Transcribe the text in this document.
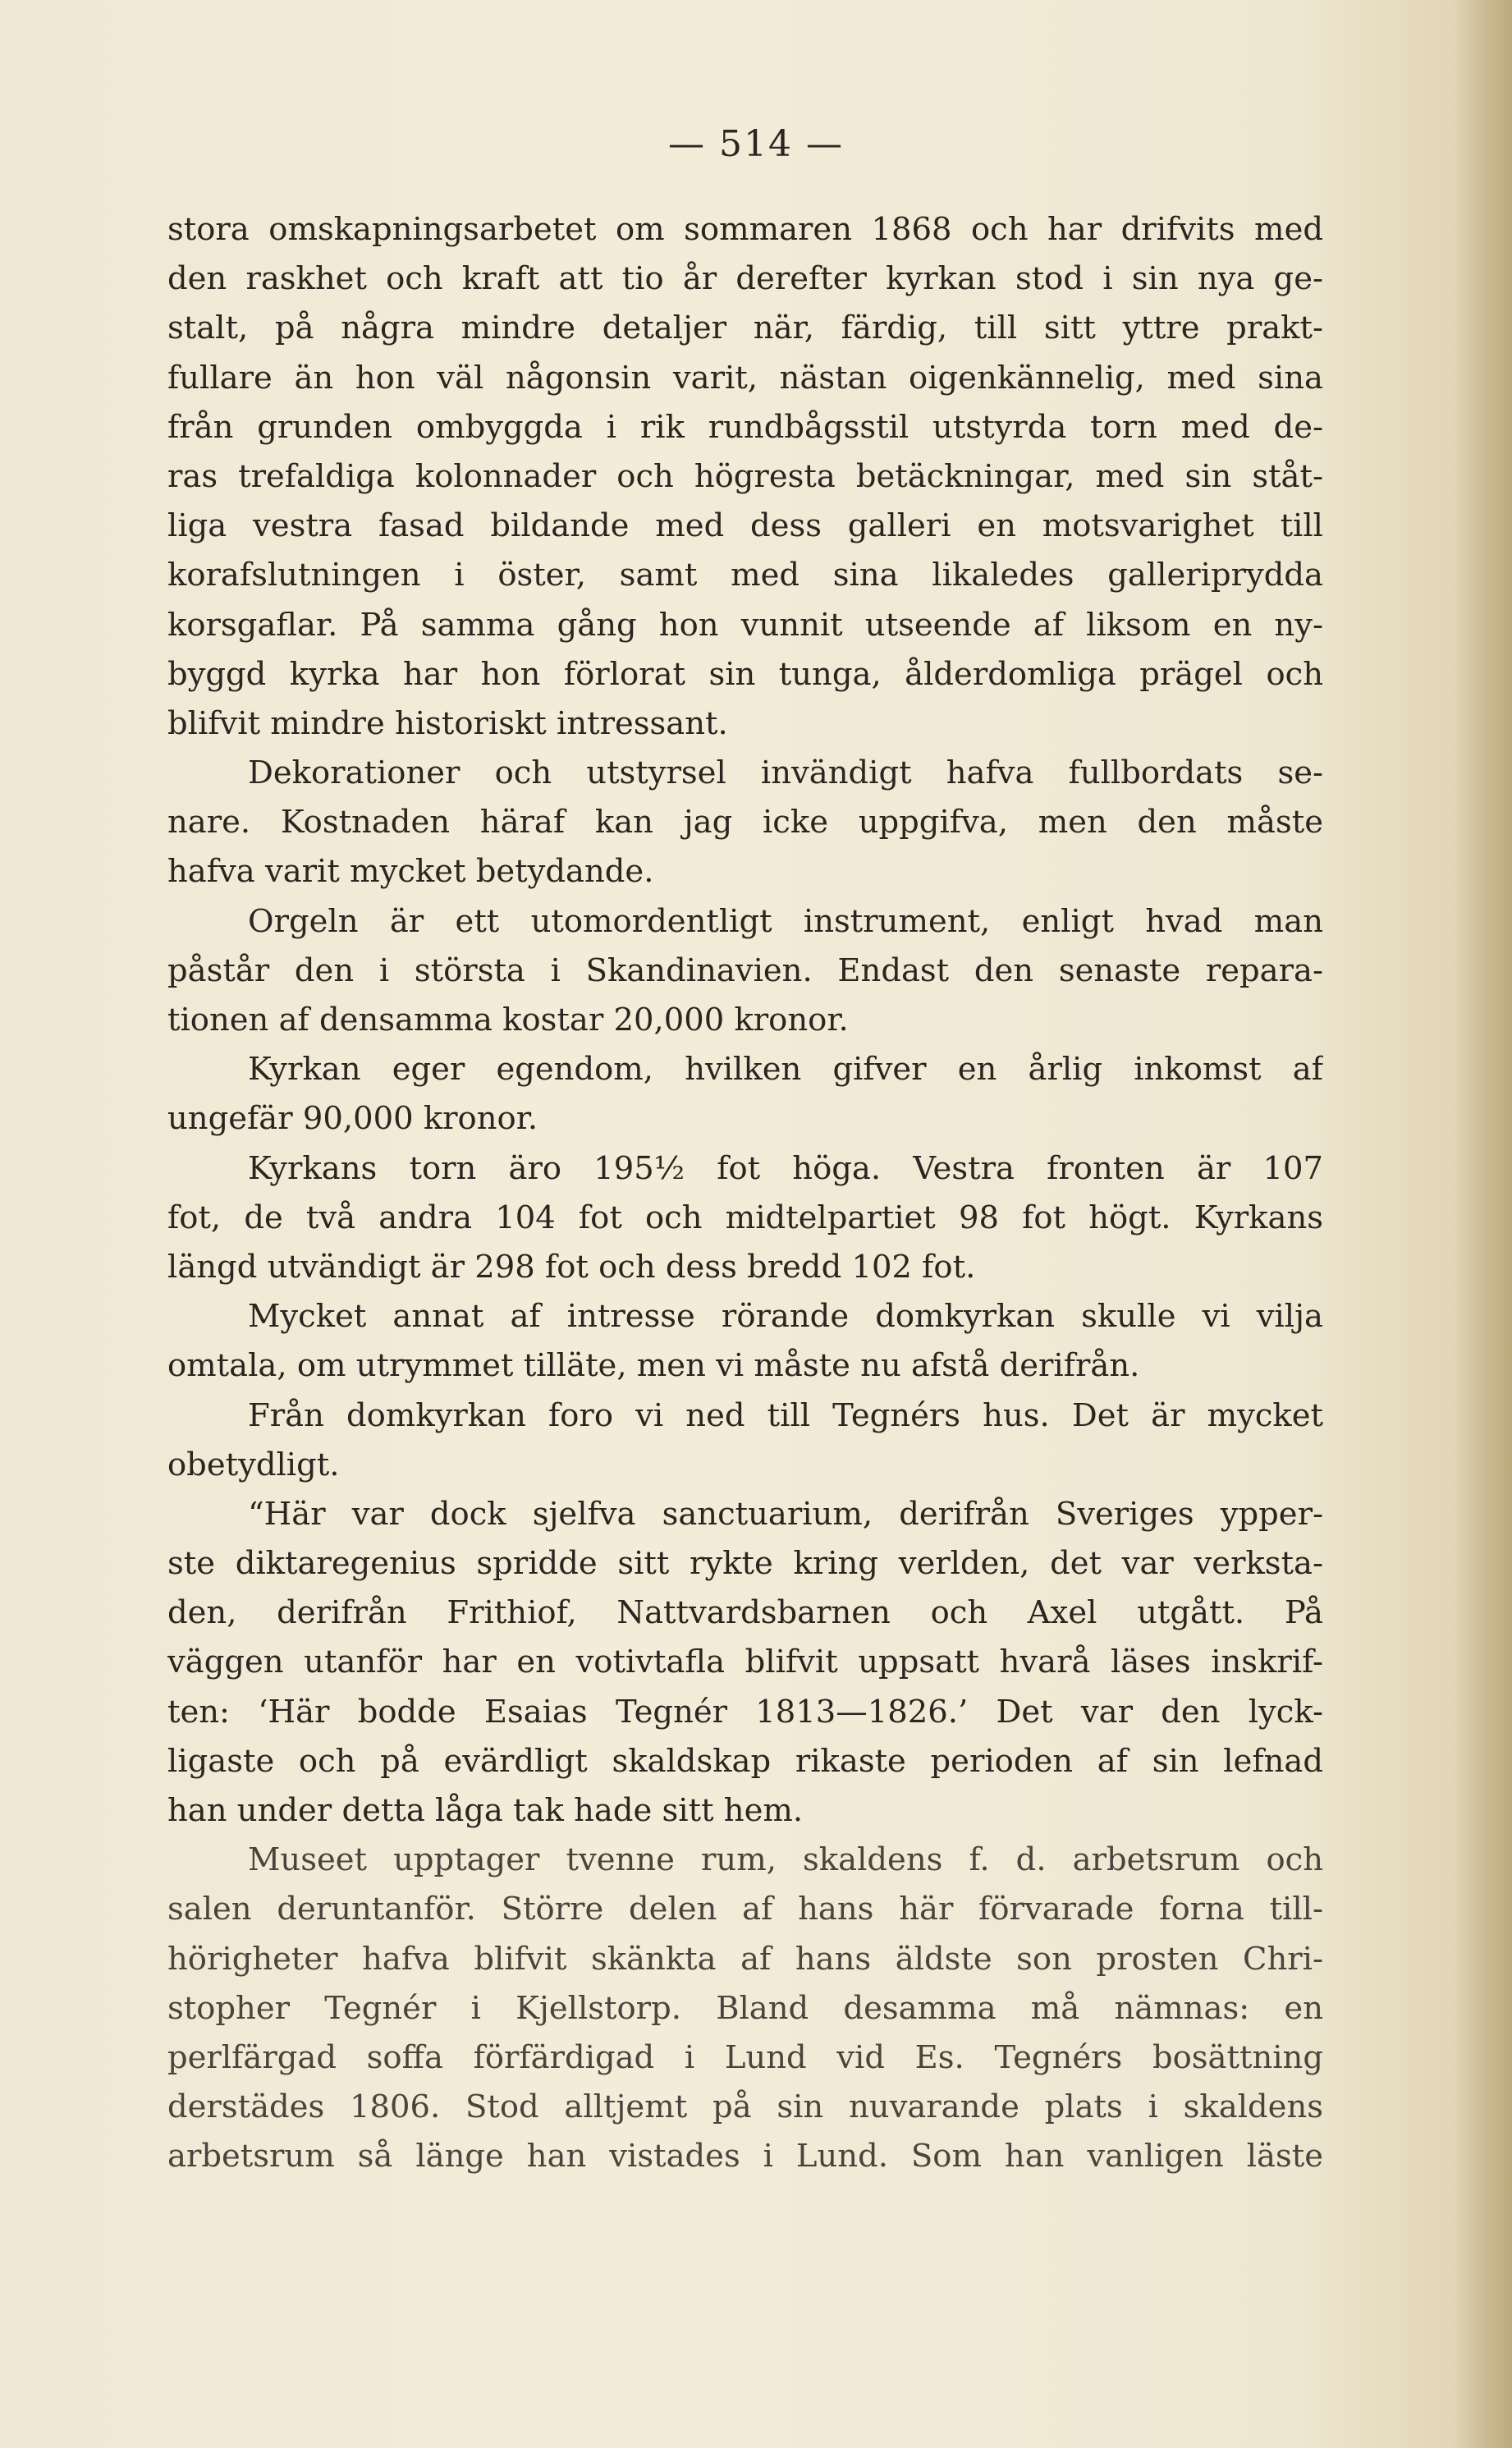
— 514 —
stora omskapningsarbetet om sommaren 1868 och har drifvits med
den raskhet och kraft att tio år derefter kyrkan stod i sin nya ge-
stalt, på några mindre detaljer när, färdig, till sitt yttre prakt-
fullare än hon väl någonsin varit, nästan oigenkännelig, med sina
från grunden ombyggda i rik rundbågsstil utstyrda torn med de-
ras trefaldiga kolonnader och högresta betäckningar, med sin ståt-
liga vestra fasad bildande med dess galleri en motsvarighet till
korafslutningen i öster, samt med sina likaledes galleriprydda
korsgaflar. På samma gång hon vunnit utseende af liksom en ny-
byggd kyrka har hon förlorat sin tunga, ålderdomliga prägel och
blifvit mindre historiskt intressant.
Dekorationer och utstyrsel invändigt hafva fullbordats se-
nare. Kostnaden häraf kan jag icke uppgifva, men den måste
hafva varit mycket betydande.
Orgeln är ett utomordentligt instrument, enligt hvad man
påstår den i största i Skandinavien. Endast den senaste repara-
tionen af densamma kostar 20,000 kronor.
Kyrkan eger egendom, hvilken gifver en årlig inkomst af
ungefär 90,000 kronor.
Kyrkans torn äro 195½ fot höga. Vestra fronten är 107
fot, de två andra 104 fot och midtelpartiet 98 fot högt. Kyrkans
längd utvändigt är 298 fot och dess bredd 102 fot.
Mycket annat af intresse rörande domkyrkan skulle vi vilja
omtala, om utrymmet tilläte, men vi måste nu afstå derifrån.
Från domkyrkan foro vi ned till Tegnérs hus. Det är mycket
obetydligt.
“Här var dock sjelfva sanctuarium, derifrån Sveriges ypper-
ste diktaregenius spridde sitt rykte kring verlden, det var verksta-
den, derifrån Frithiof, Nattvardsbarnen och Axel utgått. På
väggen utanför har en votivtafla blifvit uppsatt hvarå läses inskrif-
ten: ‘Här bodde Esaias Tegnér 1813—1826.’ Det var den lyck-
ligaste och på evärdligt skaldskap rikaste perioden af sin lefnad
han under detta låga tak hade sitt hem.
Museet upptager tvenne rum, skaldens f. d. arbetsrum och
salen deruntanför. Större delen af hans här förvarade forna till-
hörigheter hafva blifvit skänkta af hans äldste son prosten Chri-
stopher Tegnér i Kjellstorp. Bland desamma må nämnas: en
perlfärgad soffa förfärdigad i Lund vid Es. Tegnérs bosättning
derstädes 1806. Stod alltjemt på sin nuvarande plats i skaldens
arbetsrum så länge han vistades i Lund. Som han vanligen läste
